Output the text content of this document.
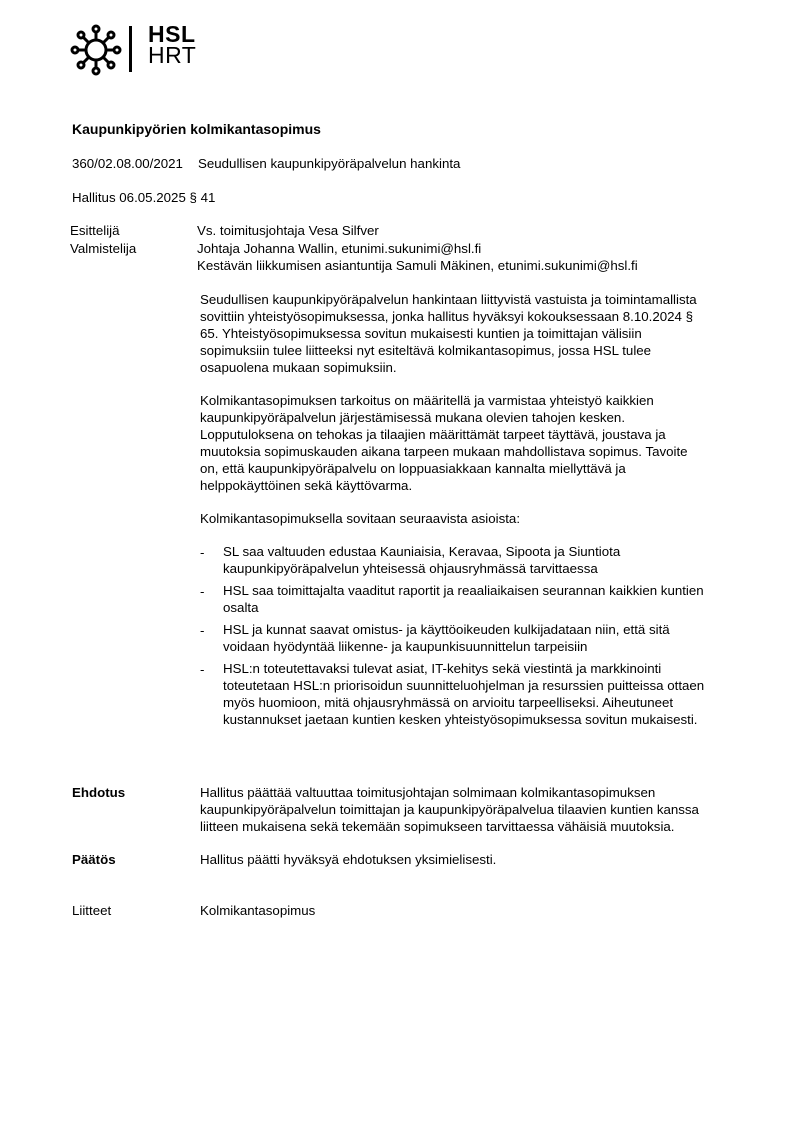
HSL
HRT
Kaupunkipyörien kolmikantasopimus
360/02.08.00/2021 Seudullisen kaupunkipyöräpalvelun hankinta
Hallitus 06.05.2025 § 41
Esittelijä	Vs. toimitusjohtaja Vesa Silfver
Valmistelija	Johtaja Johanna Wallin, etunimi.sukunimi@hsl.fi
Kestävän liikkumisen asiantuntija Samuli Mäkinen, etunimi.sukunimi@hsl.fi

Seudullisen kaupunkipyöräpalvelun hankintaan liittyvistä vastuista ja toimintamallista

sovittiin yhteistyösopimuksessa, jonka hallitus hyväksyi kokouksessaan 8.10.2024 §

65. Yhteistyösopimuksessa sovitun mukaisesti kuntien ja toimittajan välisiin

sopimuksiin tulee liitteeksi nyt esiteltävä kolmikantasopimus, jossa HSL tulee

osapuolena mukaan sopimuksiin.

Kolmikantasopimuksen tarkoitus on määritellä ja varmistaa yhteistyö kaikkien

kaupunkipyöräpalvelun järjestämisessä mukana olevien tahojen kesken.

Lopputuloksena on tehokas ja tilaajien määrittämät tarpeet täyttävä, joustava ja

muutoksia sopimuskauden aikana tarpeen mukaan mahdollistava sopimus. Tavoite

on, että kaupunkipyöräpalvelu on loppuasiakkaan kannalta miellyttävä ja

helppokäyttöinen sekä käyttövarma.

Kolmikantasopimuksella sovitaan seuraavista asioista:
- SL saa valtuuden edustaa Kauniaisia, Keravaa, Sipoota ja Siuntiota
kaupunkipyöräpalvelun yhteisessä ohjausryhmässä tarvittaessa
- HSL saa toimittajalta vaaditut raportit ja reaaliaikaisen seurannan kaikkien kuntien
osalta
- HSL ja kunnat saavat omistus- ja käyttöoikeuden kulkijadataan niin, että sitä
voidaan hyödyntää liikenne- ja kaupunkisuunnittelun tarpeisiin
- HSL:n toteutettavaksi tulevat asiat, IT-kehitys sekä viestintä ja markkinointi
toteutetaan HSL:n priorisoidun suunnitteluohjelman ja resurssien puitteissa ottaen
myös huomioon, mitä ohjausryhmässä on arvioitu tarpeelliseksi. Aiheutuneet
kustannukset jaetaan kuntien kesken yhteistyösopimuksessa sovitun mukaisesti.
Ehdotus	Hallitus päättää valtuuttaa toimitusjohtajan solmimaan kolmikantasopimuksen

kaupunkipyöräpalvelun toimittajan ja kaupunkipyöräpalvelua tilaavien kuntien kanssa

liitteen mukaisena sekä tekemään sopimukseen tarvittaessa vähäisiä muutoksia.

Päätös	Hallitus päätti hyväksyä ehdotuksen yksimielisesti.
Liitteet	Kolmikantasopimus
